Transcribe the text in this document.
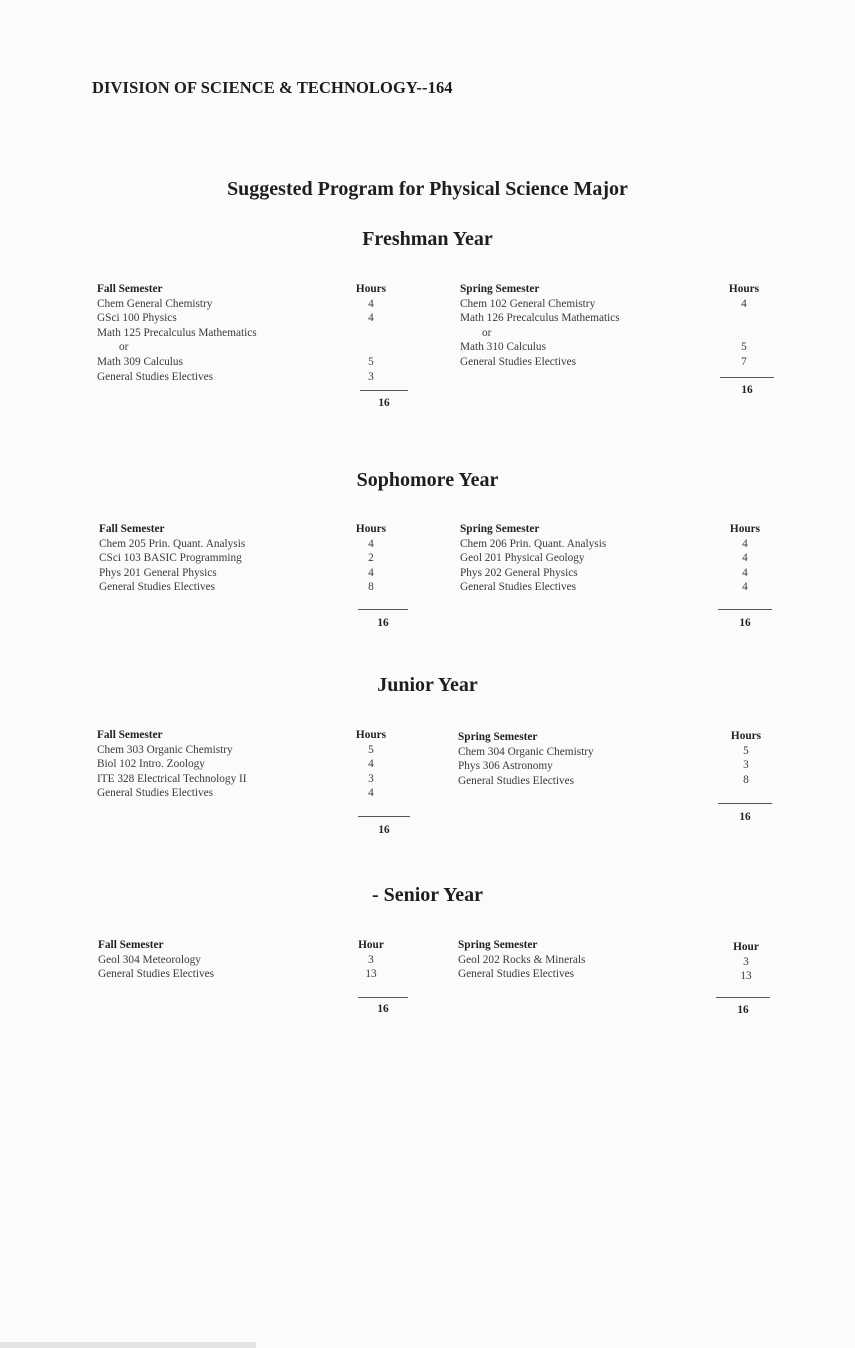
DIVISION OF SCIENCE & TECHNOLOGY--164
Suggested Program for Physical Science Major
Freshman Year
Fall Semester
Chem General Chemistry
GSci 100 Physics
Math 125 Precalculus Mathematics
or
Math 309 Calculus
General Studies Electives
Hours
4
4
5
3
16
Spring Semester
Chem 102 General Chemistry
Math 126 Precalculus Mathematics
or
Math 310 Calculus
General Studies Electives
Hours
4
5
7
16
Sophomore Year
Fall Semester
Chem 205 Prin. Quant. Analysis
CSci 103 BASIC Programming
Phys 201 General Physics
General Studies Electives
Hours
4
2
4
8
16
Spring Semester
Chem 206 Prin. Quant. Analysis
Geol 201 Physical Geology
Phys 202 General Physics
General Studies Electives
Hours
4
4
4
4
16
Junior Year
Fall Semester
Chem 303 Organic Chemistry
Biol 102 Intro. Zoology
ITE 328 Electrical Technology II
General Studies Electives
Hours
5
4
3
4
16
Spring Semester
Chem 304 Organic Chemistry
Phys 306 Astronomy
General Studies Electives
Hours
5
3
8
16
- Senior Year
Fall Semester
Geol 304 Meteorology
General Studies Electives
Hour
3
13
16
Spring Semester
Geol 202 Rocks & Minerals
General Studies Electives
Hour
3
13
16
